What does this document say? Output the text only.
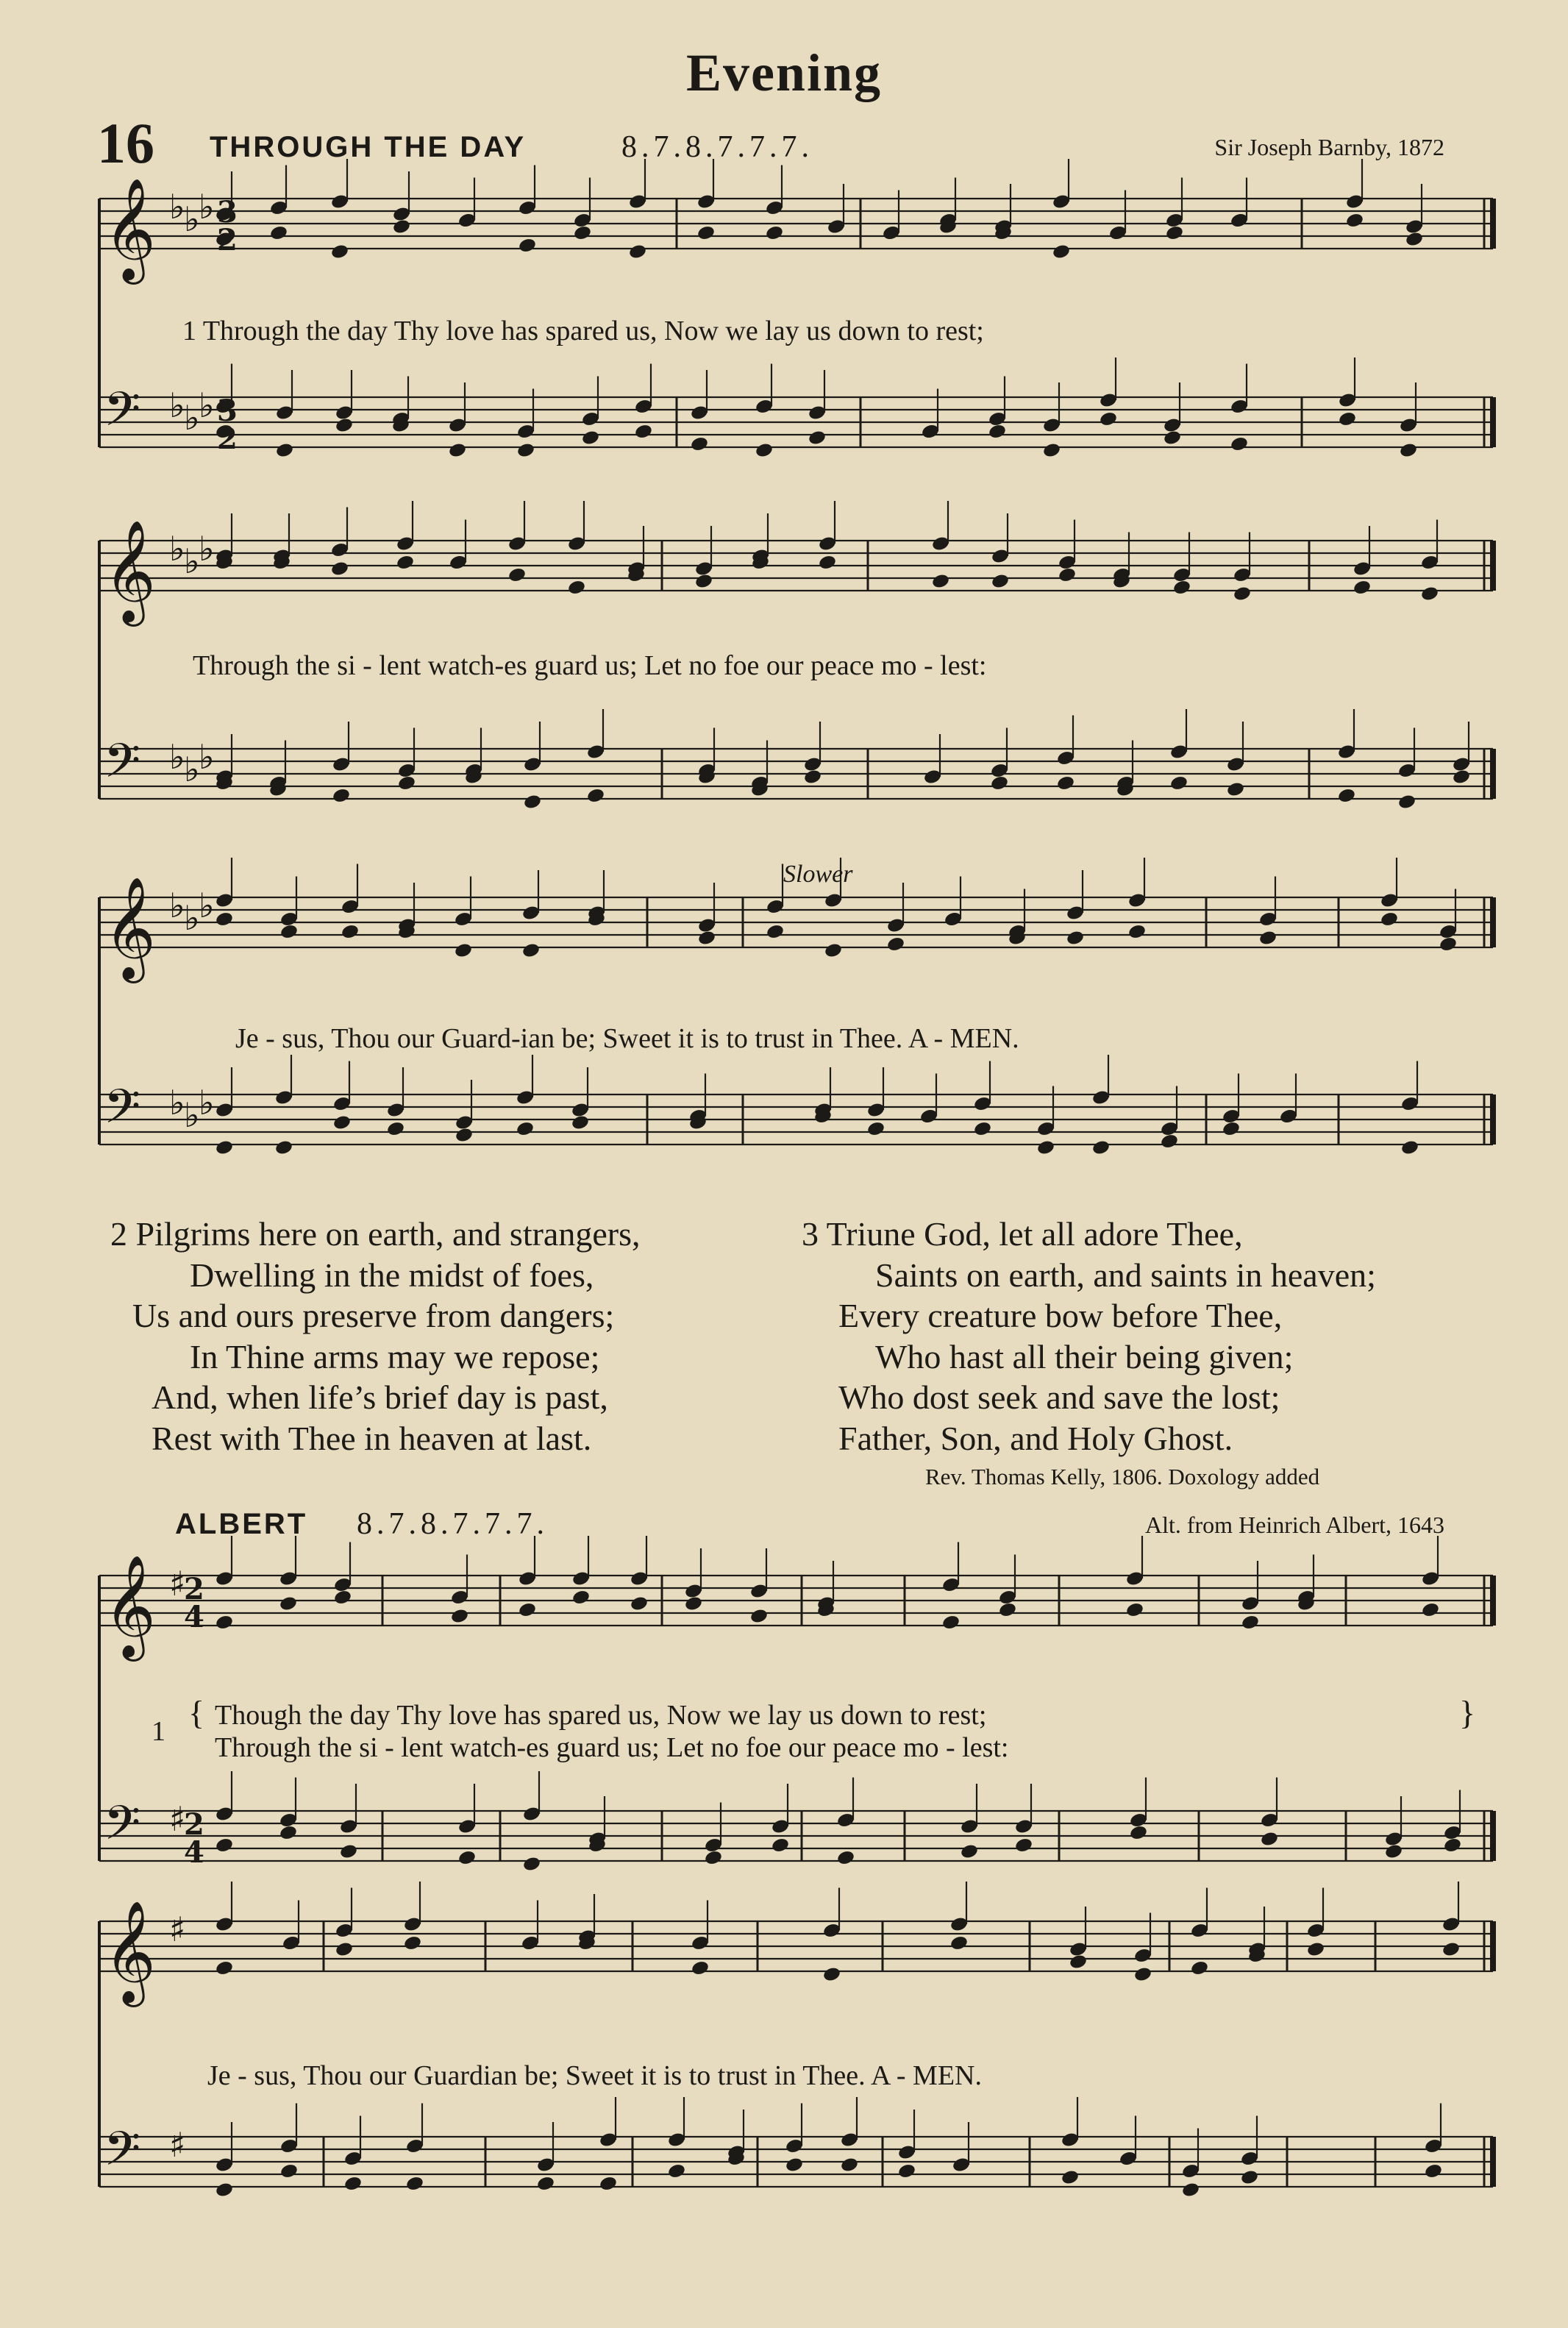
Evening
16 THROUGH THE DAY	8.7.8.7.7.7.	Sir Joseph Barnby, 1872
𝄞 ♭
♭
♭
𝄢 ♭
♭
♭
𝄞 ♭
♭
♭
𝄢 ♭
♭
♭
𝄞 ♭
♭
♭
𝄢 ♭
♭
♭
𝄞 ♯
𝄢 ♯
𝄞 ♯
𝄢 ♯
3
2
3
2
2
4
2
4
1 Through the day Thy love has spared us, Now we lay us down to rest;
Through the si - lent watch-es guard us; Let no foe our peace mo - lest:
Slower
Je - sus, Thou our Guard-ian be; Sweet it is to trust in Thee. A - MEN.
2 Pilgrims here on earth, and strangers,
Dwelling in the midst of foes,
Us and ours preserve from dangers;
In Thine arms may we repose;
And, when life’s brief day is past,
Rest with Thee in heaven at last.
3 Triune God, let all adore Thee,
Saints on earth, and saints in heaven;
Every creature bow before Thee,
Who hast all their being given;
Who dost seek and save the lost;
Father, Son, and Holy Ghost.
Rev. Thomas Kelly, 1806. Doxology added
ALBERT 8.7.8.7.7.7.	Alt. from Heinrich Albert, 1643
1 { Though the day Thy love has spared us, Now we lay us down to rest;
Through the si - lent watch-es guard us; Let no foe our peace mo - lest:
}
Je - sus, Thou our Guardian be; Sweet it is to trust in Thee. A - MEN.
